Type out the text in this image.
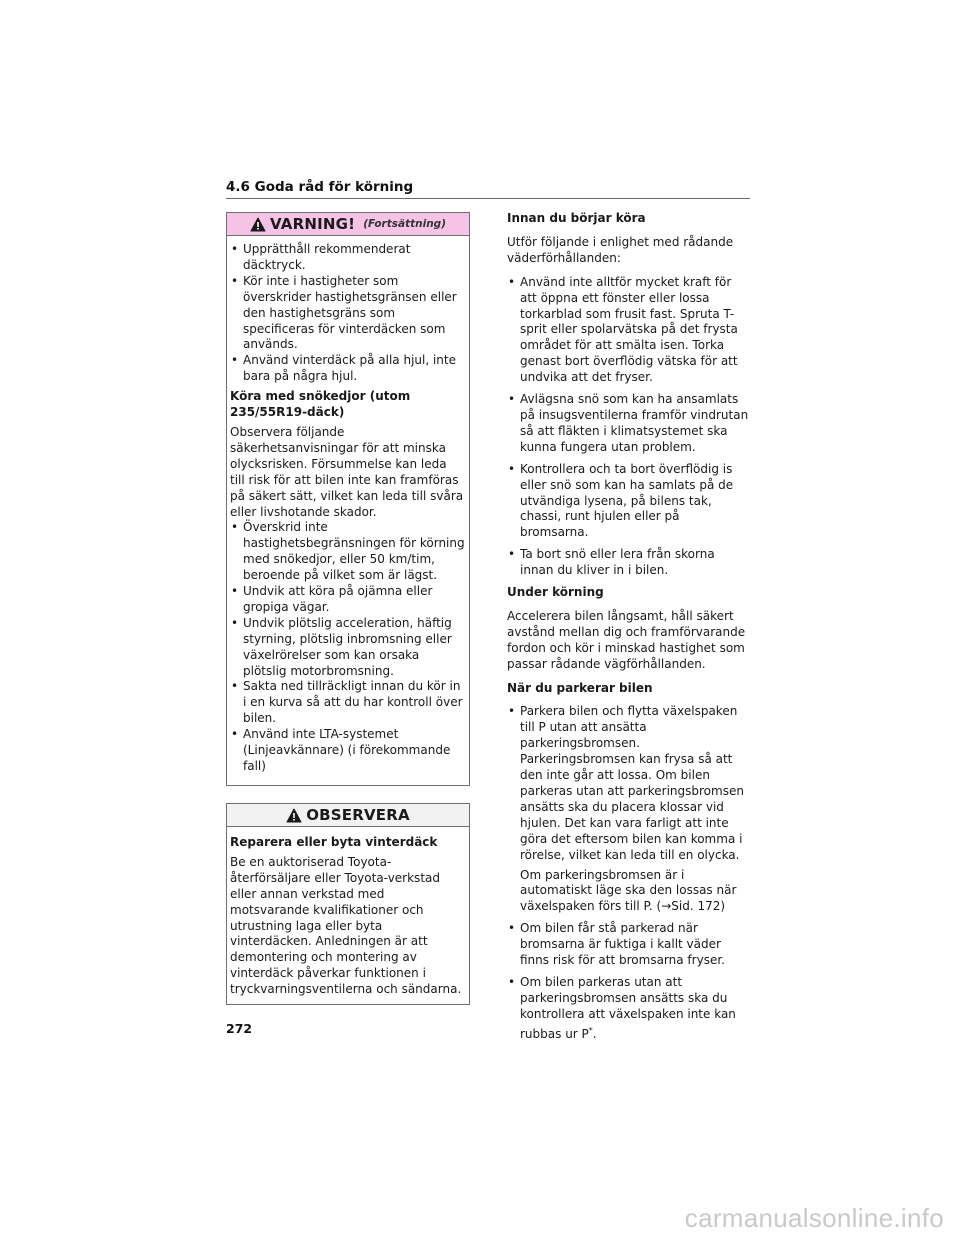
4.6 Goda råd för körning
VARNING! (Fortsättning)
• Upprätthåll rekommenderat däcktryck.
• Kör inte i hastigheter som överskrider hastighetsgränsen eller den hastighetsgräns som specificeras för vinterdäcken som används.
• Använd vinterdäck på alla hjul, inte bara på några hjul.
Köra med snökedjor (utom 235/55R19-däck)

Observera följande säkerhetsanvisningar för att minska olycksrisken. Försummelse kan leda till risk för att bilen inte kan framföras på säkert sätt, vilket kan leda till svåra eller livshotande skador.

• Överskrid inte hastighetsbegränsningen för körning med snökedjor, eller 50 km/tim, beroende på vilket som är lägst.
• Undvik att köra på ojämna eller gropiga vägar.
• Undvik plötslig acceleration, häftig styrning, plötslig inbromsning eller växelrörelser som kan orsaka plötslig motorbromsning.
• Sakta ned tillräckligt innan du kör in i en kurva så att du har kontroll över bilen.
• Använd inte LTA-systemet (Linjeavkännare) (i förekommande fall)
OBSERVERA
Reparera eller byta vinterdäck

Be en auktoriserad Toyota-återförsäljare eller Toyota-verkstad eller annan verkstad med motsvarande kvalifikationer och utrustning laga eller byta vinterdäcken. Anledningen är att demontering och montering av vinterdäck påverkar funktionen i tryckvarningsventilerna och sändarna.

Innan du börjar köra

Utför följande i enlighet med rådande väderförhållanden:

• Använd inte alltför mycket kraft för att öppna ett fönster eller lossa torkarblad som frusit fast. Spruta T-sprit eller spolarvätska på det frysta området för att smälta isen. Torka genast bort överflödig vätska för att undvika att det fryser.
• Avlägsna snö som kan ha ansamlats på insugsventilerna framför vindrutan så att fläkten i klimatsystemet ska kunna fungera utan problem.
• Kontrollera och ta bort överflödig is eller snö som kan ha samlats på de utvändiga lysena, på bilens tak, chassi, runt hjulen eller på bromsarna.
• Ta bort snö eller lera från skorna innan du kliver in i bilen.
Under körning

Accelerera bilen långsamt, håll säkert avstånd mellan dig och framförvarande fordon och kör i minskad hastighet som passar rådande vägförhållanden.

När du parkerar bilen
• Parkera bilen och flytta växelspaken till P utan att ansätta parkeringsbromsen. Parkeringsbromsen kan frysa så att den inte går att lossa. Om bilen parkeras utan att parkeringsbromsen ansätts ska du placera klossar vid hjulen. Det kan vara farligt att inte göra det eftersom bilen kan komma i rörelse, vilket kan leda till en olycka.
Om parkeringsbromsen är i automatiskt läge ska den lossas när växelspaken förs till P. (→Sid. 172)
• Om bilen får stå parkerad när bromsarna är fuktiga i kallt väder finns risk för att bromsarna fryser.
• Om bilen parkeras utan att parkeringsbromsen ansätts ska du kontrollera att växelspaken inte kan rubbas ur P*.
272
carmanualsonline.info
